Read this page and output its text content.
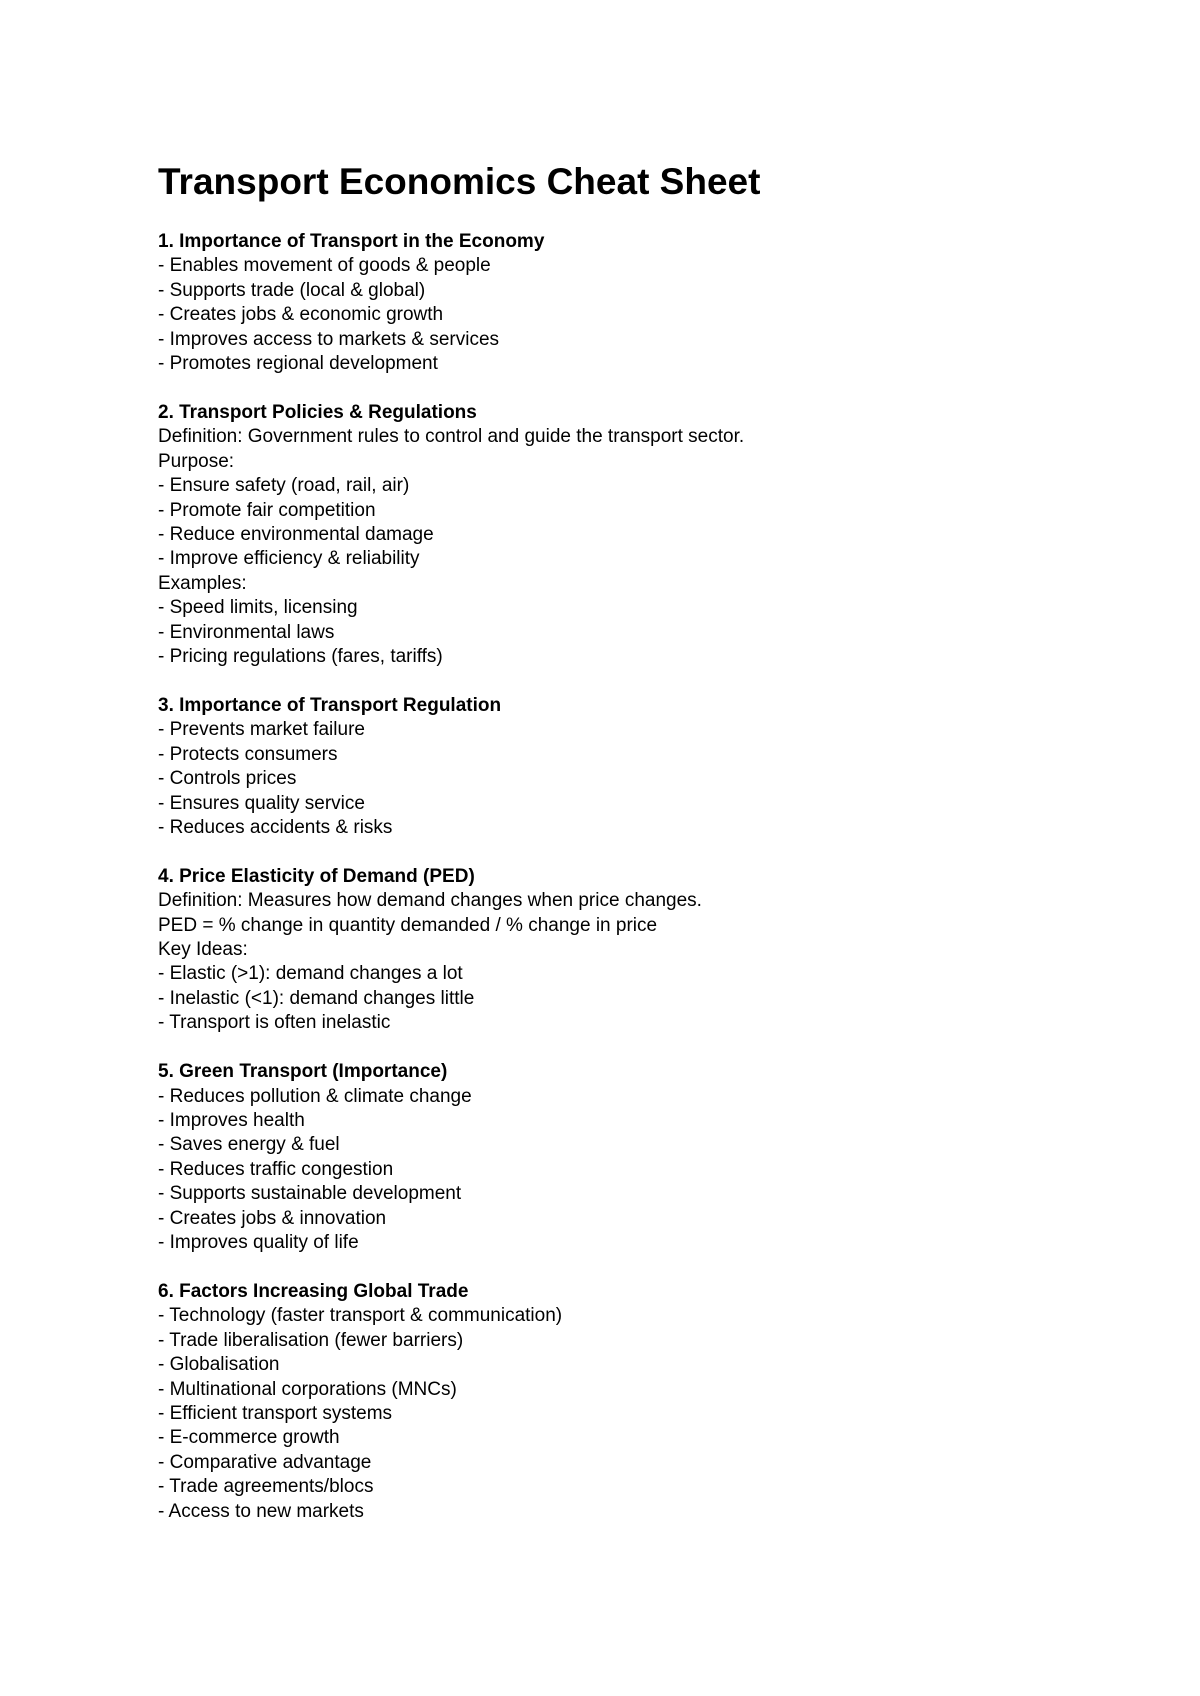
Transport Economics Cheat Sheet
1. Importance of Transport in the Economy
- Enables movement of goods & people
- Supports trade (local & global)
- Creates jobs & economic growth
- Improves access to markets & services
- Promotes regional development
2. Transport Policies & Regulations
Definition: Government rules to control and guide the transport sector.
Purpose:
- Ensure safety (road, rail, air)
- Promote fair competition
- Reduce environmental damage
- Improve efficiency & reliability
Examples:
- Speed limits, licensing
- Environmental laws
- Pricing regulations (fares, tariffs)
3. Importance of Transport Regulation
- Prevents market failure
- Protects consumers
- Controls prices
- Ensures quality service
- Reduces accidents & risks
4. Price Elasticity of Demand (PED)
Definition: Measures how demand changes when price changes.
PED = % change in quantity demanded / % change in price
Key Ideas:
- Elastic (>1): demand changes a lot
- Inelastic (<1): demand changes little
- Transport is often inelastic
5. Green Transport (Importance)
- Reduces pollution & climate change
- Improves health
- Saves energy & fuel
- Reduces traffic congestion
- Supports sustainable development
- Creates jobs & innovation
- Improves quality of life
6. Factors Increasing Global Trade
- Technology (faster transport & communication)
- Trade liberalisation (fewer barriers)
- Globalisation
- Multinational corporations (MNCs)
- Efficient transport systems
- E-commerce growth
- Comparative advantage
- Trade agreements/blocs
- Access to new markets
